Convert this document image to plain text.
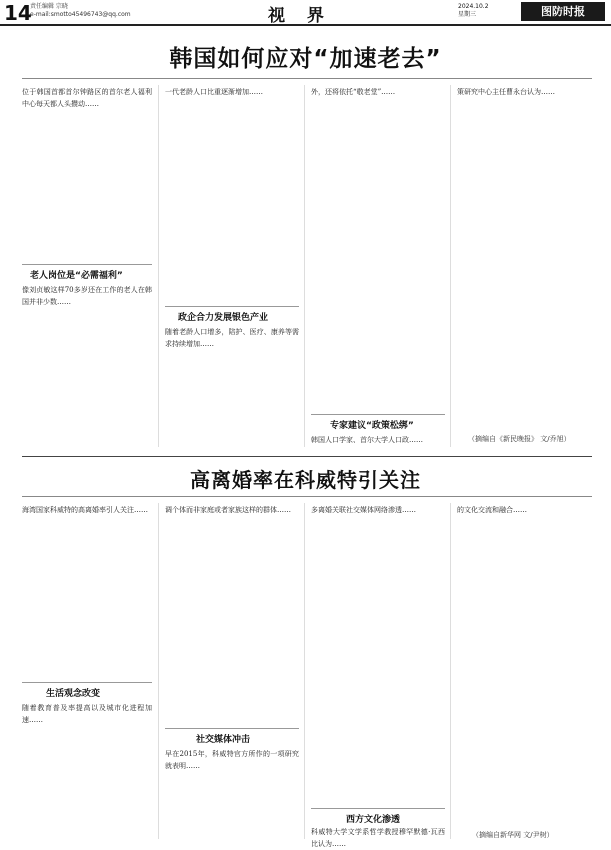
14
责任编辑 宗晓
e-mail:smotto45496743@qq.com	视 界	2024.10.2
星期三	图防时报
韩国如何应对“加速老去”
位于韩国首都首尔钟路区的首尔老人福利中心每天都人头攒动……
老人岗位是“必需福利”
像刘贞敏这样70多岁还在工作的老人在韩国并非少数……
一代老龄人口比重逐渐增加……
政企合力发展银色产业
随着老龄人口增多，陪护、医疗、康养等需求持续增加……
外，还将依托“敬老堂”……
专家建议“政策松绑”
韩国人口学家、首尔大学人口政……
策研究中心主任曹永台认为……
（摘编自《新民晚报》 文/乔旭）
高离婚率在科威特引关注
海湾国家科威特的高离婚率引人关注……
生活观念改变
随着教育普及率提高以及城市化进程加速……
调个体而非家庭或者家族这样的群体……
社交媒体冲击
早在2015年，科威特官方所作的一项研究就表明……
多离婚关联社交媒体网络渗透……
西方文化渗透
科威特大学文学系哲学教授穆罕默德·瓦西比认为……
的文化交流和融合……
（摘编自新华网 文/尹树）
